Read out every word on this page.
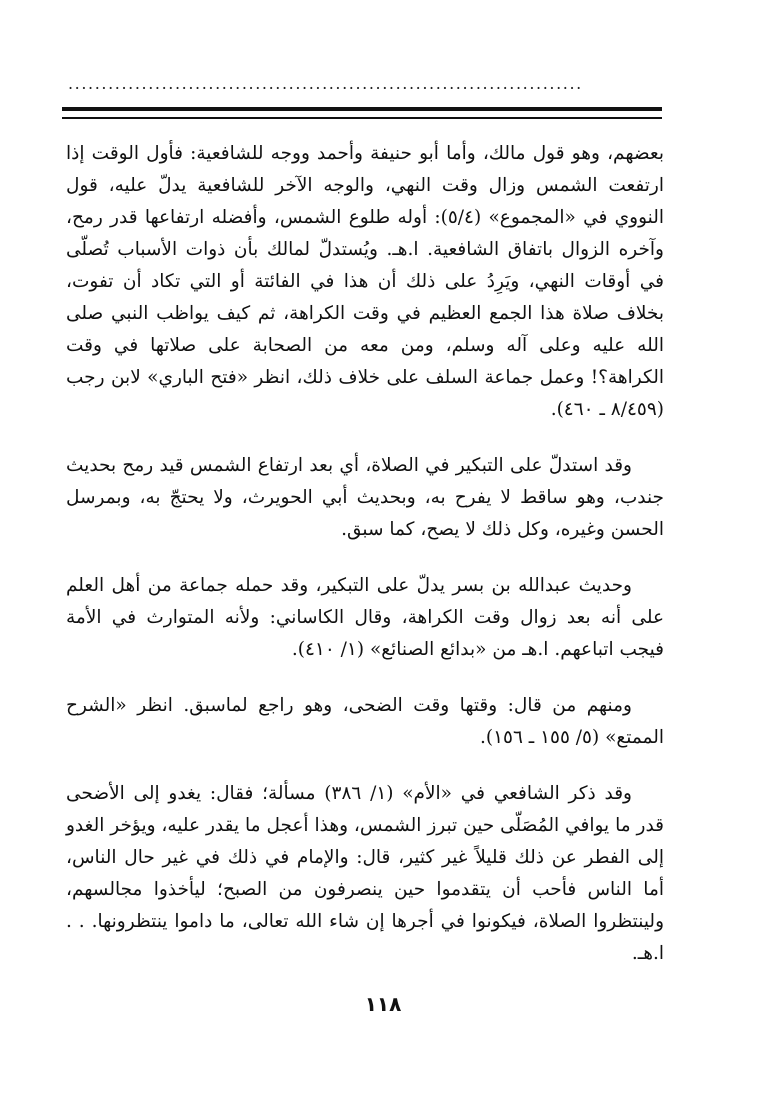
.............................................................................

بعضهم، وهو قول مالك، وأما أبو حنيفة وأحمد ووجه للشافعية: فأول الوقت إذا ارتفعت الشمس وزال وقت النهي، والوجه الآخر للشافعية يدلّ عليه، قول النووي في «المجموع» (٥/٤): أوله طلوع الشمس، وأفضله ارتفاعها قدر رمح، وآخره الزوال باتفاق الشافعية. ا.هـ. ويُستدلّ لمالك بأن ذوات الأسباب تُصلّى في أوقات النهي، ويَرِدُ على ذلك أن هذا في الفائتة أو التي تكاد أن تفوت، بخلاف صلاة هذا الجمع العظيم في وقت الكراهة، ثم كيف يواظب النبي صلى الله عليه وعلى آله وسلم، ومن معه من الصحابة على صلاتها في وقت الكراهة؟! وعمل جماعة السلف على خلاف ذلك، انظر «فتح الباري» لابن رجب (٨/٤٥٩ ـ ٤٦٠).

وقد استدلّ على التبكير في الصلاة، أي بعد ارتفاع الشمس قيد رمح بحديث جندب، وهو ساقط لا يفرح به، وبحديث أبي الحويرث، ولا يحتجّ به، وبمرسل الحسن وغيره، وكل ذلك لا يصح، كما سبق.

وحديث عبدالله بن بسر يدلّ على التبكير، وقد حمله جماعة من أهل العلم على أنه بعد زوال وقت الكراهة، وقال الكاساني: ولأنه المتوارث في الأمة فيجب اتباعهم. ا.هـ من «بدائع الصنائع» (١/ ٤١٠).

ومنهم من قال: وقتها وقت الضحى، وهو راجع لماسبق. انظر «الشرح الممتع» (٥/ ١٥٥ ـ ١٥٦).

وقد ذكر الشافعي في «الأم» (١/ ٣٨٦) مسألة؛ فقال: يغدو إلى الأضحى قدر ما يوافي المُصَلّى حين تبرز الشمس، وهذا أعجل ما يقدر عليه، ويؤخر الغدو إلى الفطر عن ذلك قليلاً غير كثير، قال: والإمام في ذلك في غير حال الناس، أما الناس فأحب أن يتقدموا حين ينصرفون من الصبح؛ ليأخذوا مجالسهم، ولينتظروا الصلاة، فيكونوا في أجرها إن شاء الله تعالى، ما داموا ينتظرونها. . . ا.هـ.

١١٨
